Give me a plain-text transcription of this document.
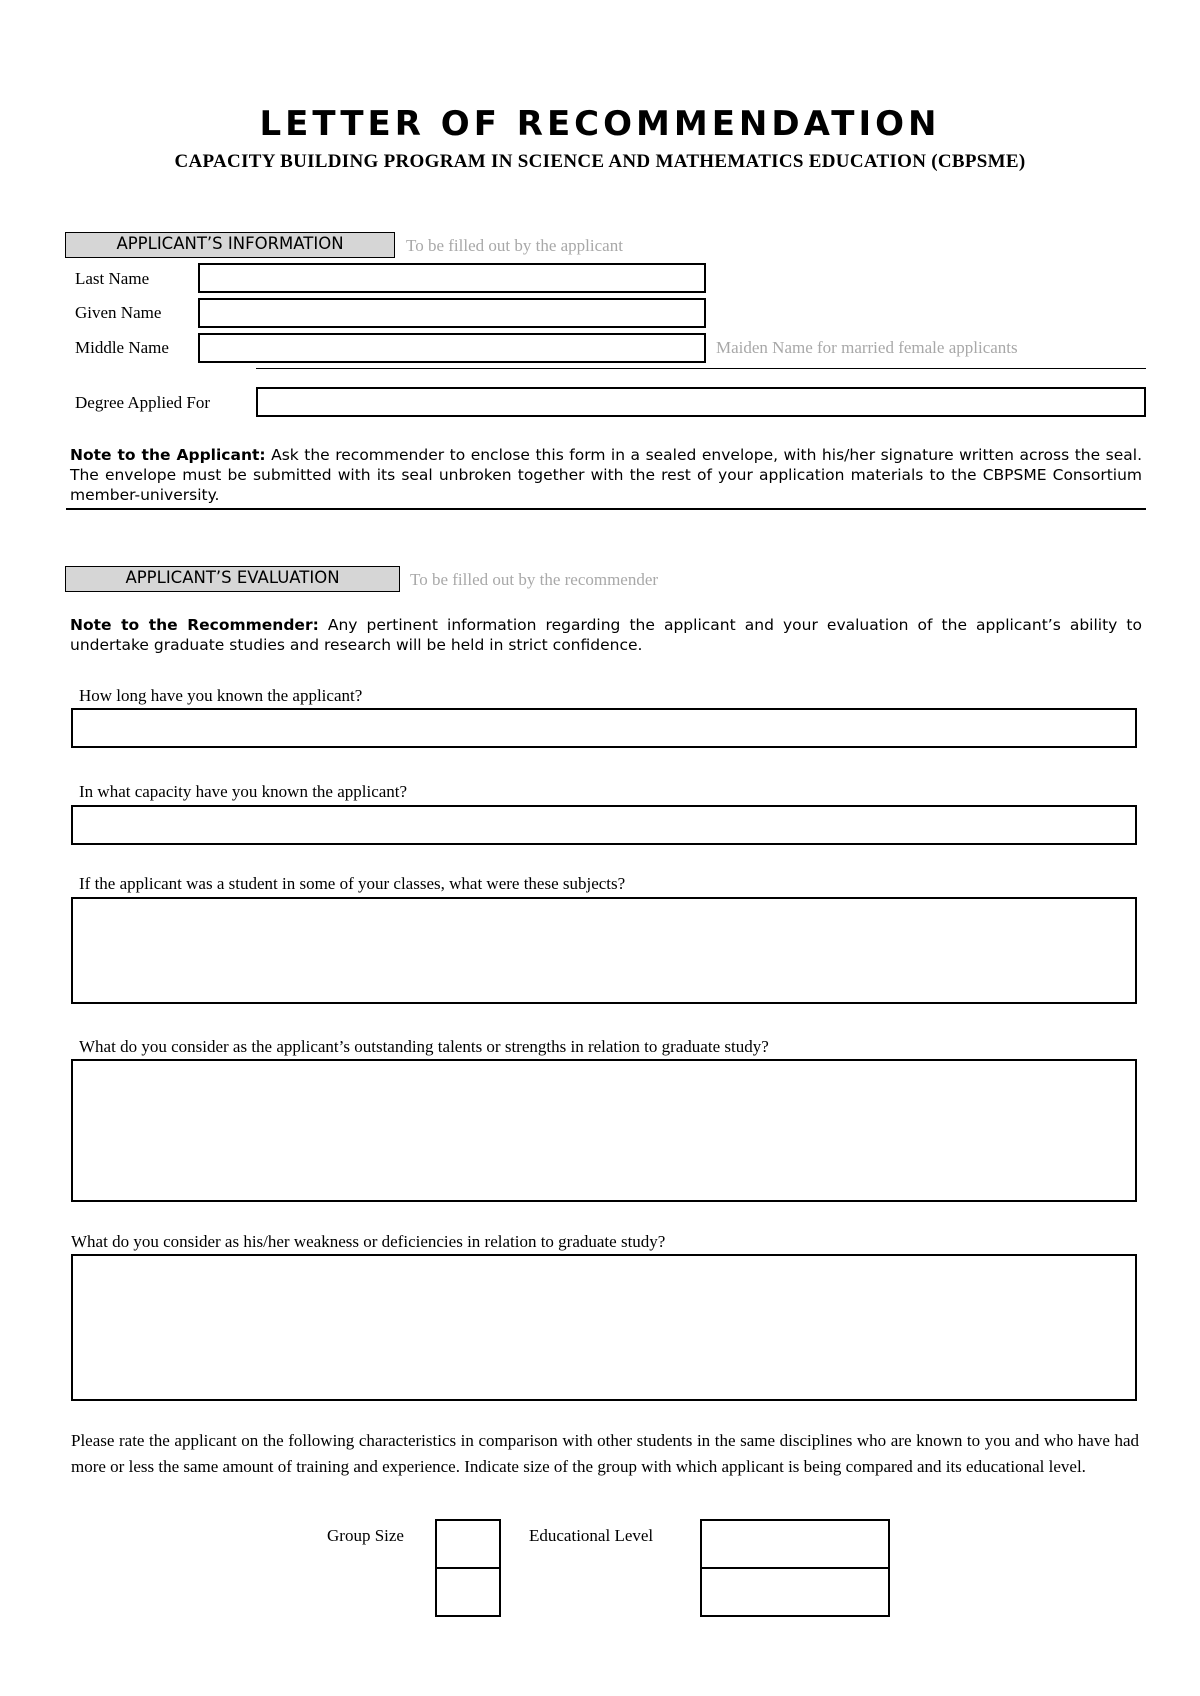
LETTER OF RECOMMENDATION
CAPACITY BUILDING PROGRAM IN SCIENCE AND MATHEMATICS EDUCATION (CBPSME)
APPLICANT’S INFORMATION	To be filled out by the applicant
Last Name
Given Name
Middle Name	Maiden Name for married female applicants
Degree Applied For
Note to the Applicant: Ask the recommender to enclose this form in a sealed envelope, with his/her signature written across the seal. The envelope must be submitted with its seal unbroken together with the rest of your application materials to the CBPSME Consortium member-university.
APPLICANT’S EVALUATION	To be filled out by the recommender
Note to the Recommender: Any pertinent information regarding the applicant and your evaluation of the applicant’s ability to undertake graduate studies and research will be held in strict confidence.
How long have you known the applicant?
In what capacity have you known the applicant?
If the applicant was a student in some of your classes, what were these subjects?
What do you consider as the applicant’s outstanding talents or strengths in relation to graduate study?
What do you consider as his/her weakness or deficiencies in relation to graduate study?
Please rate the applicant on the following characteristics in comparison with other students in the same disciplines who are known to you and who have had more or less the same amount of training and experience. Indicate size of the group with which applicant is being compared and its educational level.
Group Size	Educational Level
